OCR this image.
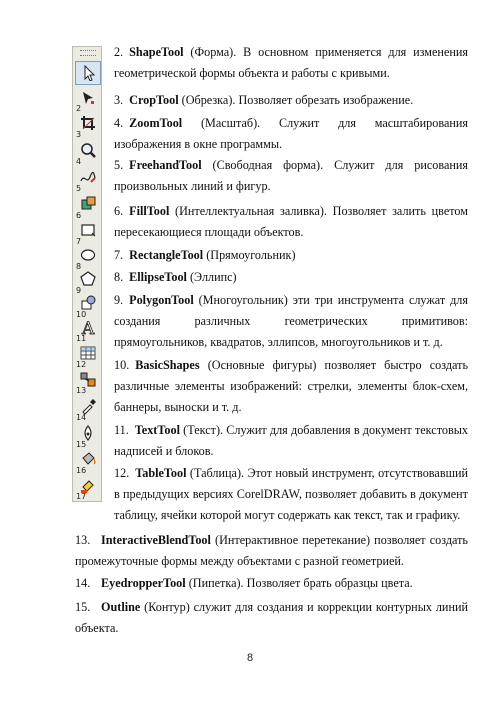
2
3
4
5
6
7
8
9
10
A
11
12
13
14
15
16
17
2. ShapeTool (Форма). В основном применяется для изменения геометрической формы объекта и работы с кривыми.
3. CropTool (Обрезка). Позволяет обрезать изображение.
4. ZoomTool (Масштаб). Служит для масштабирования изображения в окне программы.
5. FreehandTool (Свободная форма). Служит для рисования произвольных линий и фигур.
6. FillTool (Интеллектуальная заливка). Позволяет залить цветом пересекающиеся площади объектов.
7. RectangleTool (Прямоугольник)
8. EllipseTool (Эллипс)
9. PolygonTool (Многоугольник) эти три инструмента служат для создания различных геометрических примитивов: прямоугольников, квадратов, эллипсов, многоугольников и т. д.
10. BasicShapes (Основные фигуры) позволяет быстро создать различные элементы изображений: стрелки, элементы блок-схем, баннеры, выноски и т. д.
11. TextTool (Текст). Служит для добавления в документ текстовых надписей и блоков.
12. TableTool (Таблица). Этот новый инструмент, отсутствовавший в предыдущих версиях CorelDRAW, позволяет добавить в документ таблицу, ячейки которой могут содержать как текст, так и графику.
13. InteractiveBlendTool (Интерактивное перетекание) позволяет создать промежуточные формы между объектами с разной геометрией.
14. EyedropperTool (Пипетка). Позволяет брать образцы цвета.
15. Outline (Контур) служит для создания и коррекции контурных линий объекта.
8
